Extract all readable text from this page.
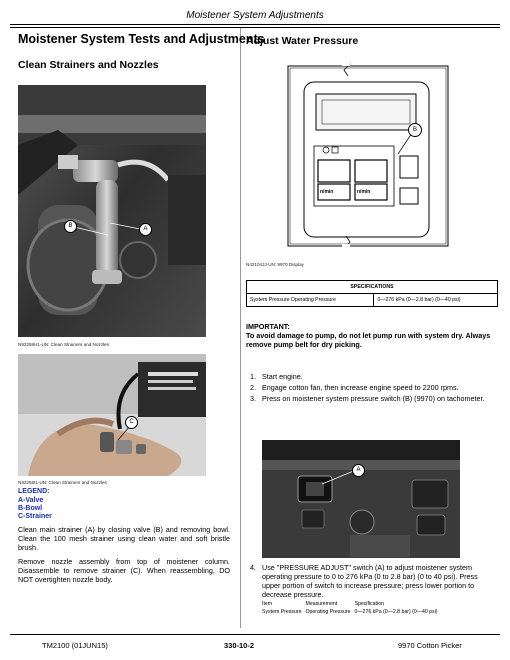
Moistener System Adjustments
Moistener System Tests and Adjustments
Clean Strainers and Nozzles
B	A
N92258H1-UN: Clean Strainers and Nozzles
C
N92258I1-UN: Clean Strainers and Nozzles
LEGEND:
A-Valve
B-Bowl
C-Strainer
Clean main strainer (A) by closing valve (B) and removing bowl. Clean the 100 mesh strainer using clean water and soft bristle brush.
Remove nozzle assembly from top of moistener column. Disassemble to remove strainer (C). When reassembling, DO NOT overtighten nozzle body.
Adjust Water Pressure
n/min	n/min
B
N42104JJ-UN: 9970 Display
SPECIFICATIONS
System Pressure Operating Pressure	0—276 kPa (0—2.8 bar) (0—40 psi)
IMPORTANT:
To avoid damage to pump, do not let pump run with system dry. Always remove pump belt for dry picking.
1. Start engine.
2. Engage cotton fan, then increase engine speed to 2200 rpms.
3. Press on moistener system pressure switch (B) (9970) on tachometer.
A
4. Use "PRESSURE ADJUST" switch (A) to adjust moistener system operating pressure to 0 to 276 kPa (0 to 2.8 bar) (0 to 40 psi). Press upper portion of switch to increase pressure; press lower portion to decrease pressure.
Item	Measurement	Specification
System Pressure	Operating Pressure	0—276 kPa (0—2.8 bar) (0—40 psi)
TM2100 (01JUN15)	330-10-2	9970 Cotton Picker
